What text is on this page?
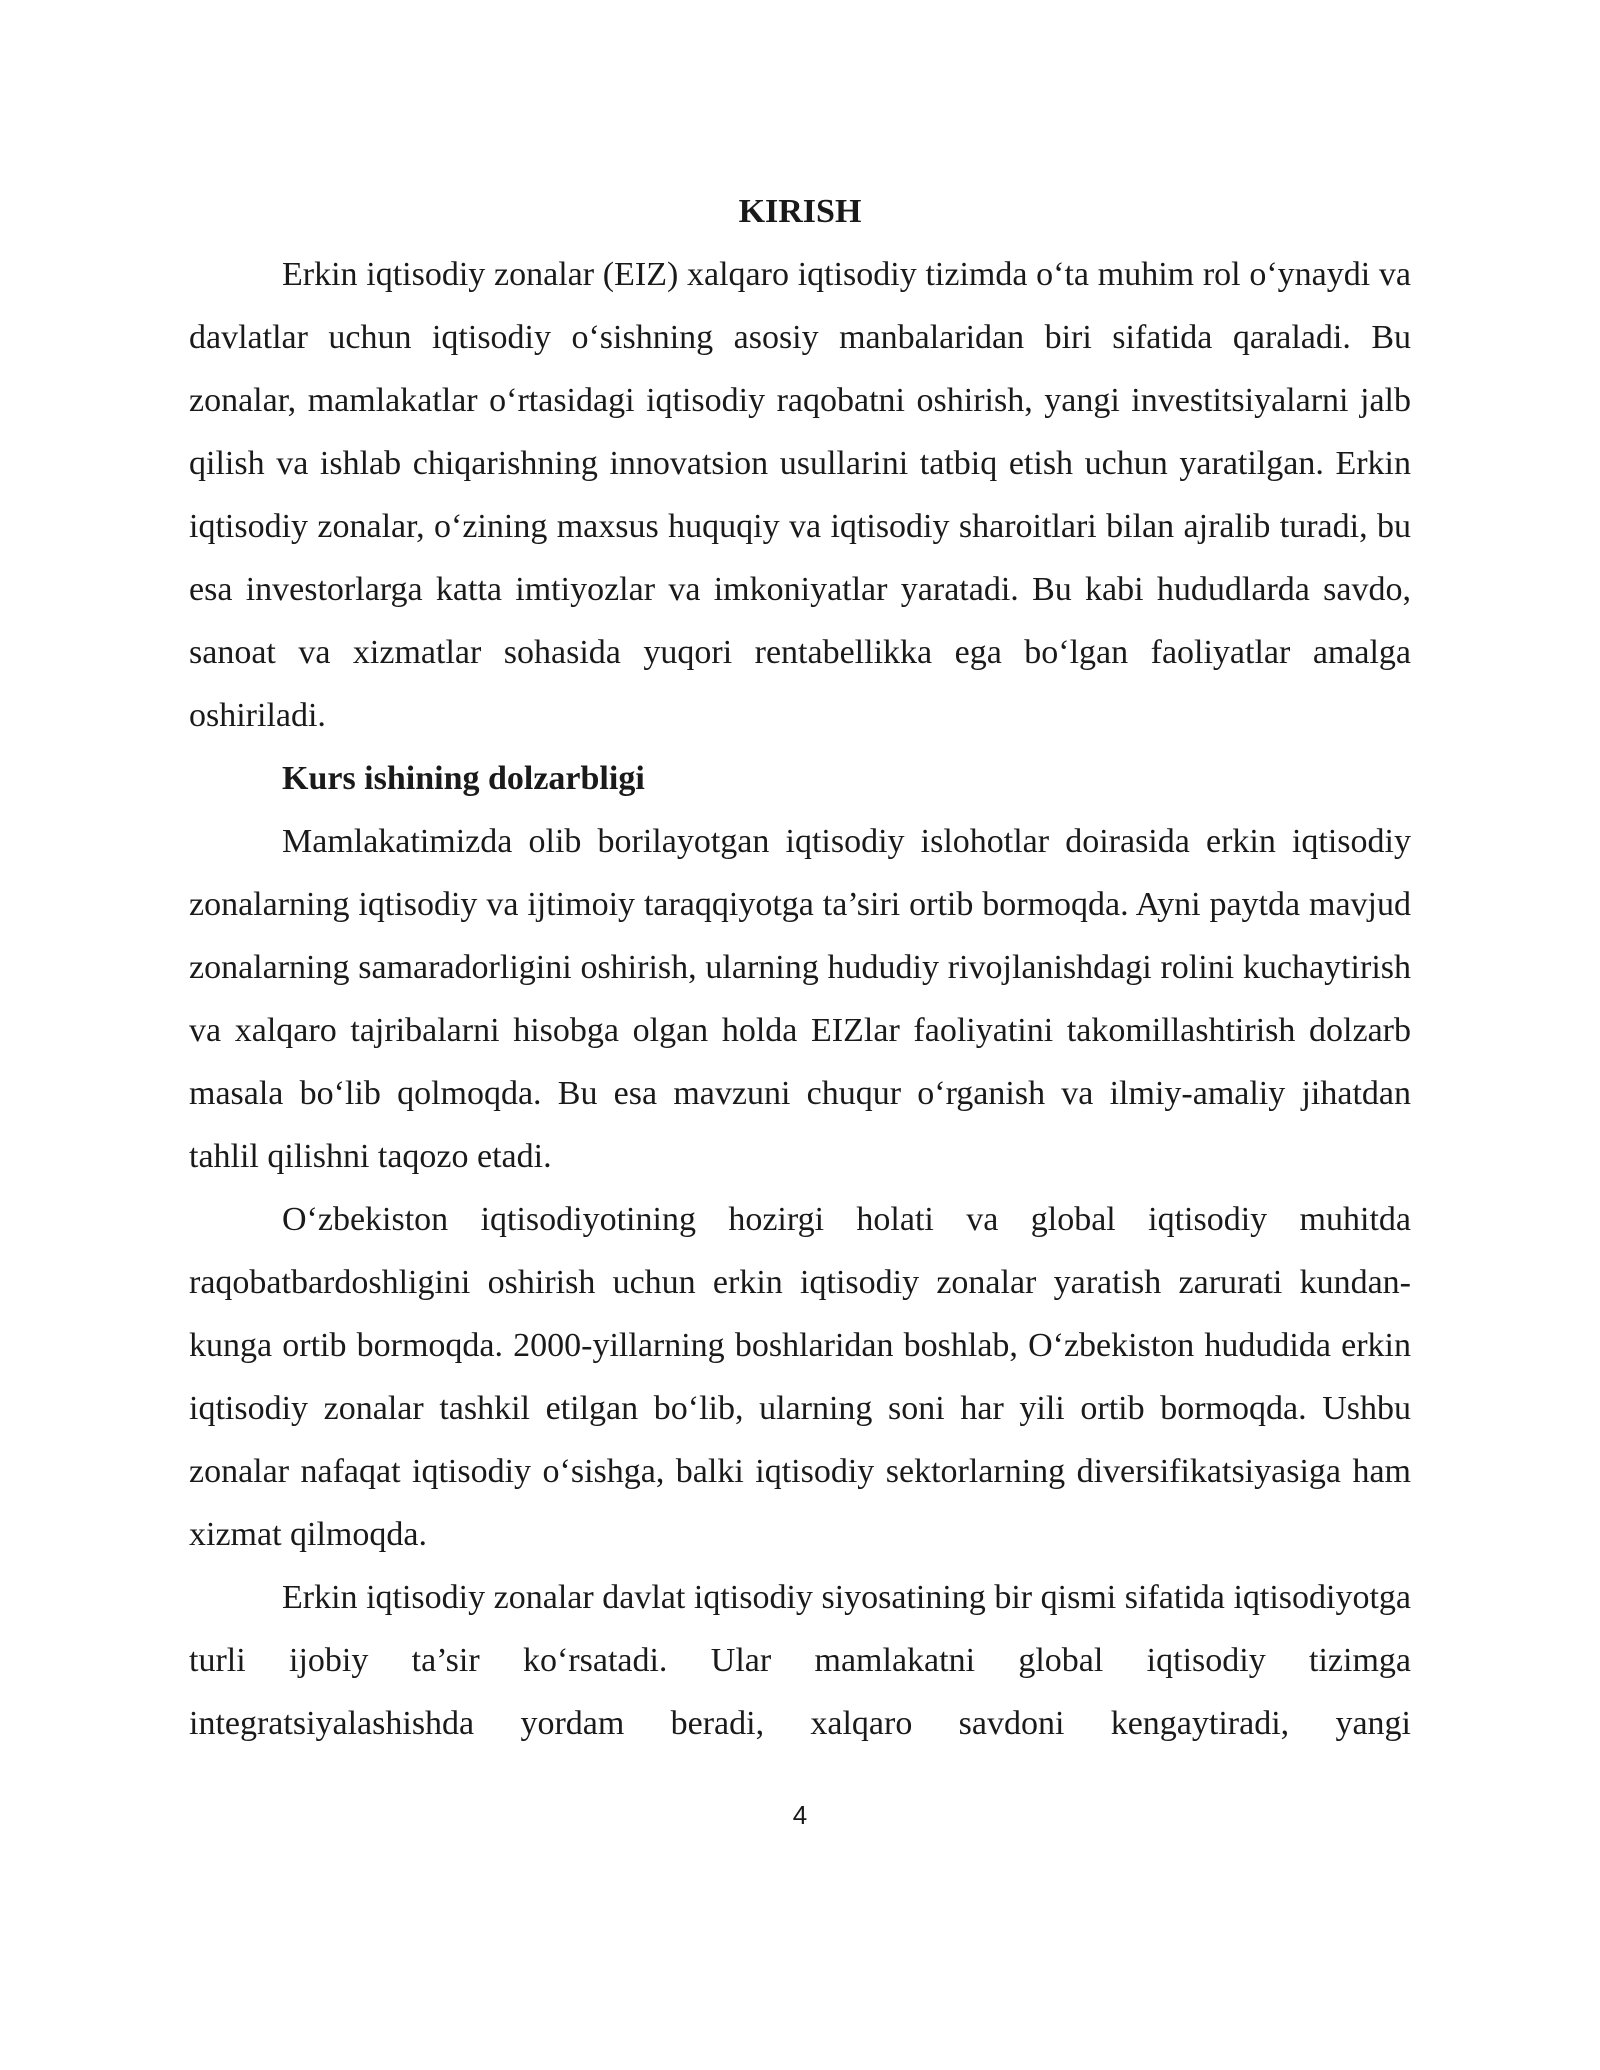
KIRISH

Erkin iqtisodiy zonalar (EIZ) xalqaro iqtisodiy tizimda o‘ta muhim rol o‘ynaydi va davlatlar uchun iqtisodiy o‘sishning asosiy manbalaridan biri sifatida qaraladi. Bu zonalar, mamlakatlar o‘rtasidagi iqtisodiy raqobatni oshirish, yangi investitsiyalarni jalb qilish va ishlab chiqarishning innovatsion usullarini tatbiq etish uchun yaratilgan. Erkin iqtisodiy zonalar, o‘zining maxsus huquqiy va iqtisodiy sharoitlari bilan ajralib turadi, bu esa investorlarga katta imtiyozlar va imkoniyatlar yaratadi. Bu kabi hududlarda savdo, sanoat va xizmatlar sohasida yuqori rentabellikka ega bo‘lgan faoliyatlar amalga oshiriladi.

Kurs ishining dolzarbligi

Mamlakatimizda olib borilayotgan iqtisodiy islohotlar doirasida erkin iqtisodiy zonalarning iqtisodiy va ijtimoiy taraqqiyotga ta’siri ortib bormoqda. Ayni paytda mavjud zonalarning samaradorligini oshirish, ularning hududiy rivojlanishdagi rolini kuchaytirish va xalqaro tajribalarni hisobga olgan holda EIZlar faoliyatini takomillashtirish dolzarb masala bo‘lib qolmoqda. Bu esa mavzuni chuqur o‘rganish va ilmiy-amaliy jihatdan tahlil qilishni taqozo etadi.

O‘zbekiston iqtisodiyotining hozirgi holati va global iqtisodiy muhitda raqobatbardoshligini oshirish uchun erkin iqtisodiy zonalar yaratish zarurati kundan-kunga ortib bormoqda. 2000-yillarning boshlaridan boshlab, O‘zbekiston hududida erkin iqtisodiy zonalar tashkil etilgan bo‘lib, ularning soni har yili ortib bormoqda. Ushbu zonalar nafaqat iqtisodiy o‘sishga, balki iqtisodiy sektorlarning diversifikatsiyasiga ham xizmat qilmoqda.

Erkin iqtisodiy zonalar davlat iqtisodiy siyosatining bir qismi sifatida iqtisodiyotga turli ijobiy ta’sir ko‘rsatadi. Ular mamlakatni global iqtisodiy tizimga integratsiyalashishda yordam beradi, xalqaro savdoni kengaytiradi, yangi

4
